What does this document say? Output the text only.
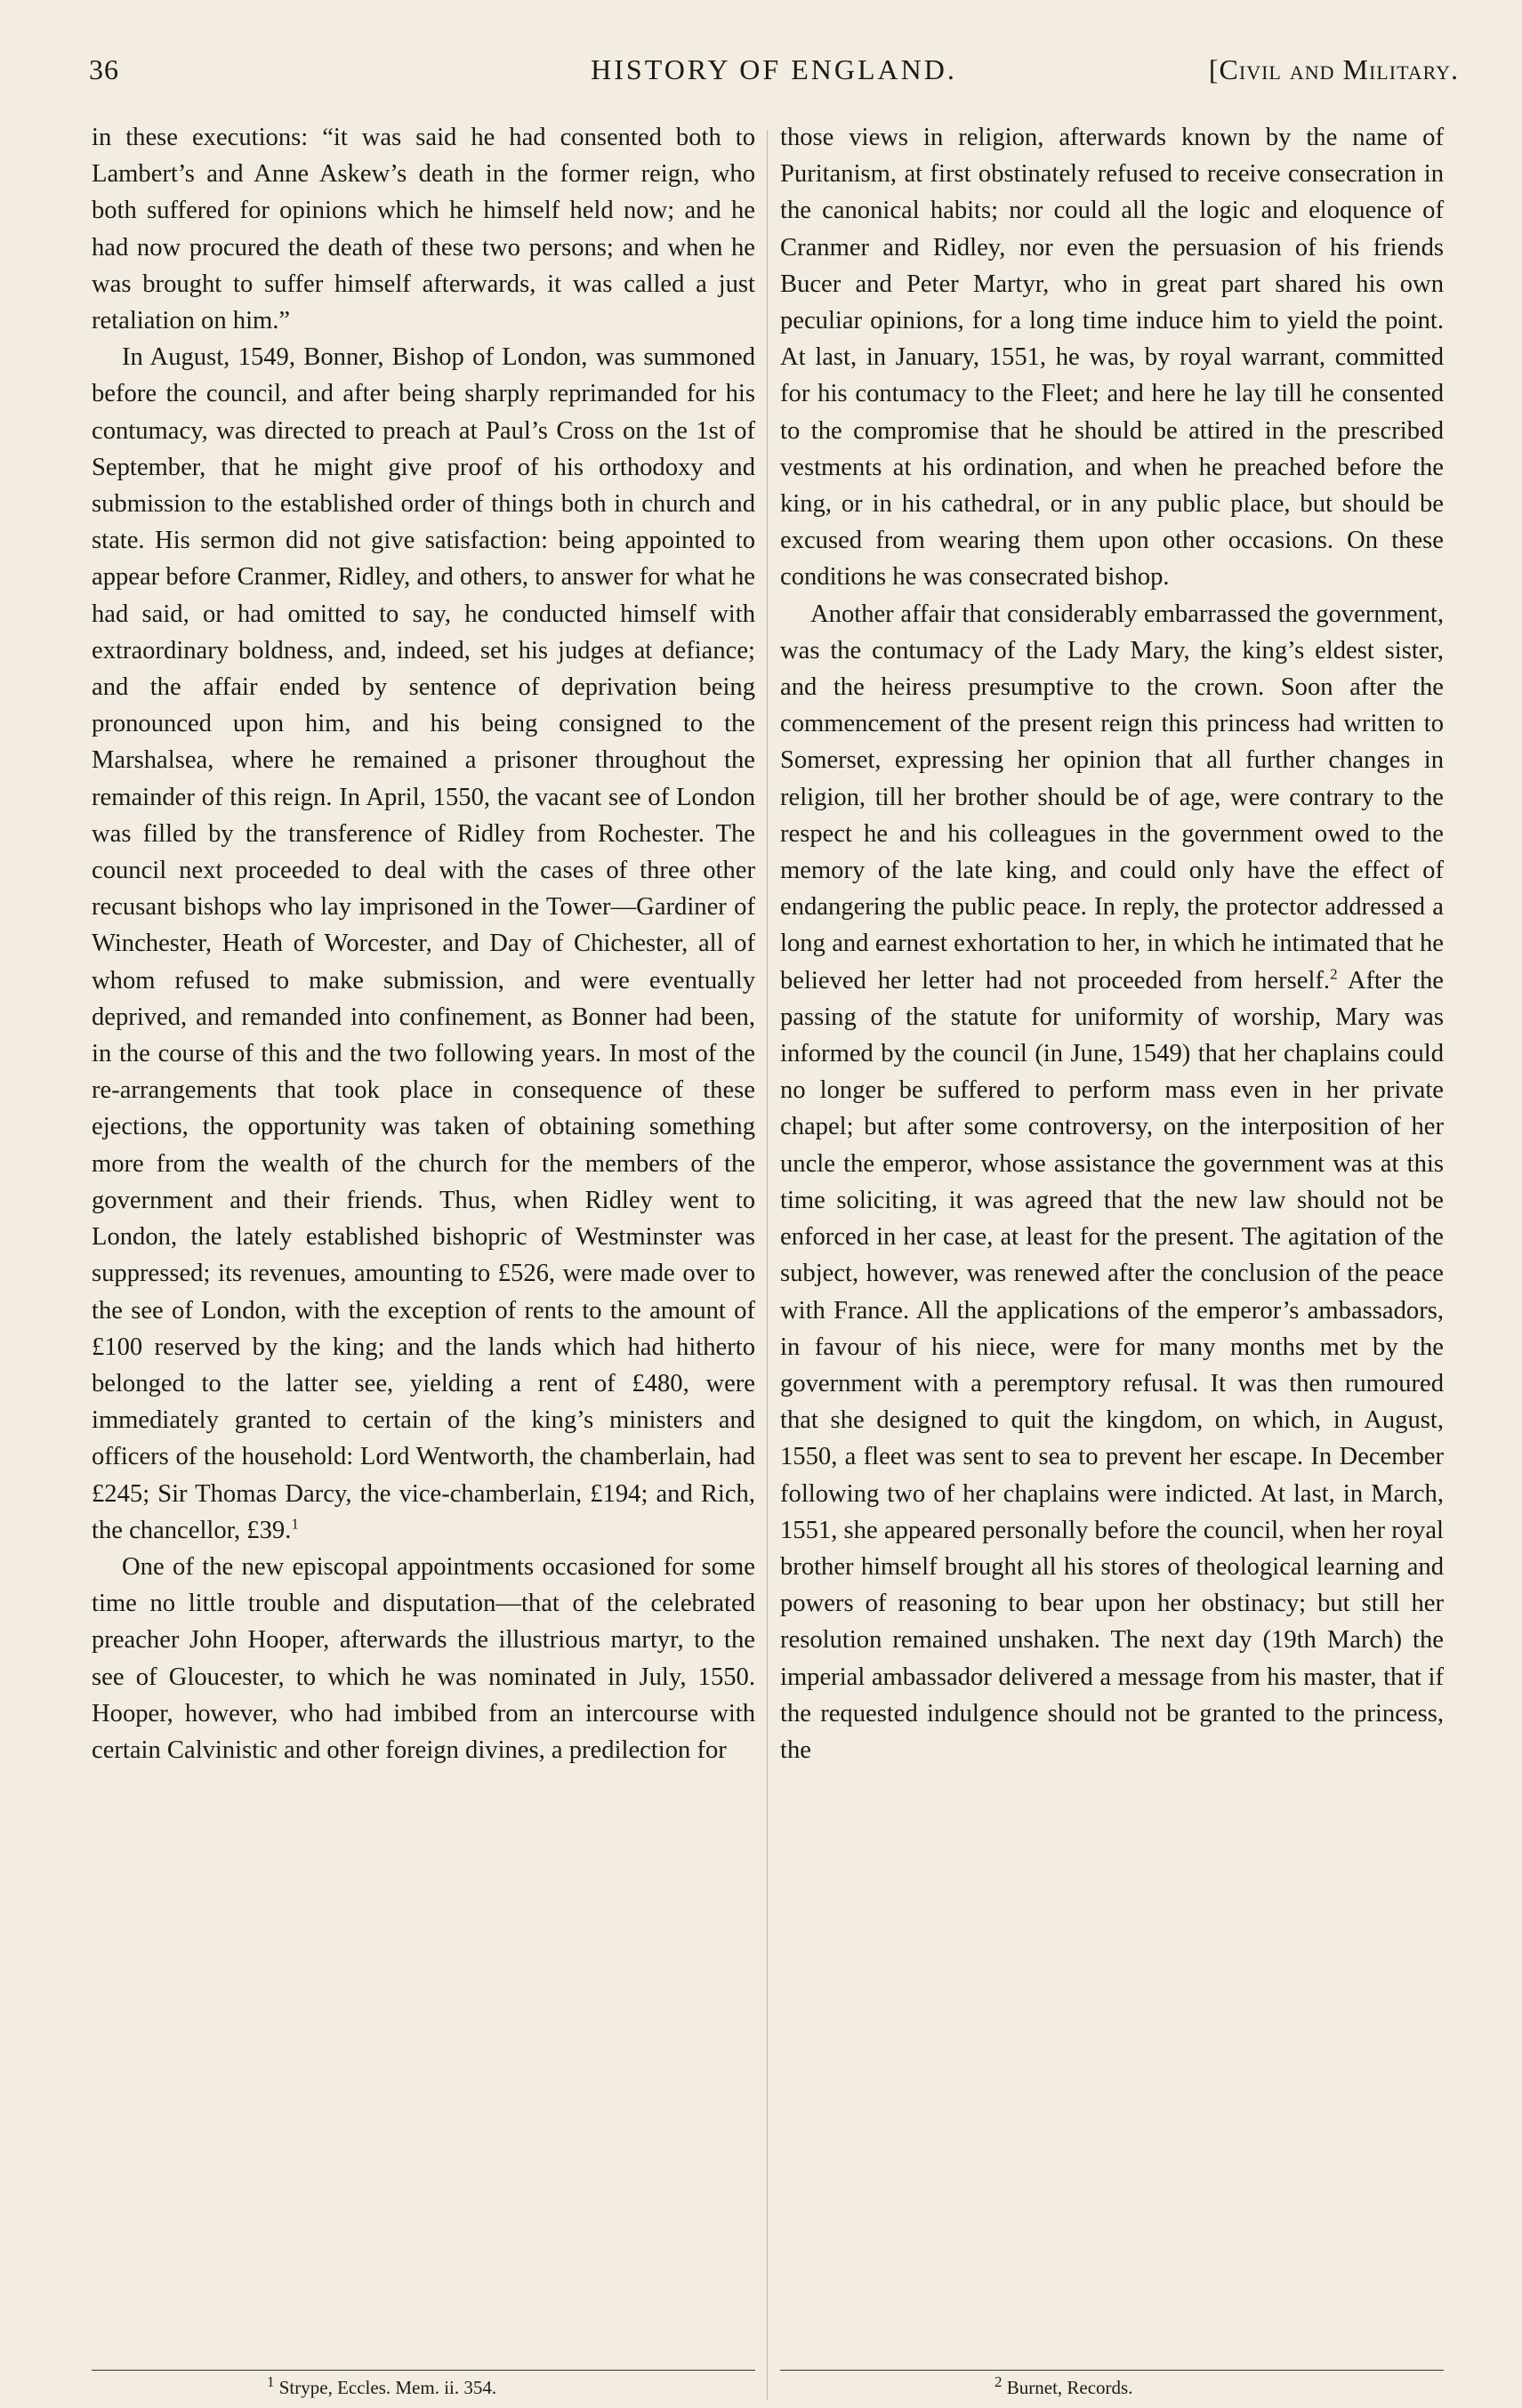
36	HISTORY OF ENGLAND.	[Civil and Military.

in these executions: “it was said he had consented both to Lambert’s and Anne Askew’s death in the former reign, who both suffered for opinions which he himself held now; and he had now procured the death of these two persons; and when he was brought to suffer himself afterwards, it was called a just retaliation on him.”

In August, 1549, Bonner, Bishop of London, was summoned before the council, and after being sharply reprimanded for his contumacy, was directed to preach at Paul’s Cross on the 1st of September, that he might give proof of his orthodoxy and submission to the established order of things both in church and state. His sermon did not give satisfaction: being appointed to appear before Cranmer, Ridley, and others, to answer for what he had said, or had omitted to say, he conducted himself with extraordinary boldness, and, indeed, set his judges at defiance; and the affair ended by sentence of deprivation being pronounced upon him, and his being consigned to the Marshalsea, where he remained a prisoner throughout the remainder of this reign. In April, 1550, the vacant see of London was filled by the transference of Ridley from Rochester. The council next proceeded to deal with the cases of three other recusant bishops who lay imprisoned in the Tower—Gardiner of Winchester, Heath of Worcester, and Day of Chichester, all of whom refused to make submission, and were eventually deprived, and remanded into confinement, as Bonner had been, in the course of this and the two following years. In most of the re-arrangements that took place in consequence of these ejections, the opportunity was taken of obtaining something more from the wealth of the church for the members of the government and their friends. Thus, when Ridley went to London, the lately established bishopric of Westminster was suppressed; its revenues, amounting to £526, were made over to the see of London, with the exception of rents to the amount of £100 reserved by the king; and the lands which had hitherto belonged to the latter see, yielding a rent of £480, were immediately granted to certain of the king’s ministers and officers of the household: Lord Wentworth, the chamberlain, had £245; Sir Thomas Darcy, the vice-chamberlain, £194; and Rich, the chancellor, £39.$^1$

One of the new episcopal appointments occasioned for some time no little trouble and disputation—that of the celebrated preacher John Hooper, afterwards the illustrious martyr, to the see of Gloucester, to which he was nominated in July, 1550. Hooper, however, who had imbibed from an intercourse with certain Calvinistic and other foreign divines, a predilection for

those views in religion, afterwards known by the name of Puritanism, at first obstinately refused to receive consecration in the canonical habits; nor could all the logic and eloquence of Cranmer and Ridley, nor even the persuasion of his friends Bucer and Peter Martyr, who in great part shared his own peculiar opinions, for a long time induce him to yield the point. At last, in January, 1551, he was, by royal warrant, committed for his contumacy to the Fleet; and here he lay till he consented to the compromise that he should be attired in the prescribed vestments at his ordination, and when he preached before the king, or in his cathedral, or in any public place, but should be excused from wearing them upon other occasions. On these conditions he was consecrated bishop.

Another affair that considerably embarrassed the government, was the contumacy of the Lady Mary, the king’s eldest sister, and the heiress presumptive to the crown. Soon after the commencement of the present reign this princess had written to Somerset, expressing her opinion that all further changes in religion, till her brother should be of age, were contrary to the respect he and his colleagues in the government owed to the memory of the late king, and could only have the effect of endangering the public peace. In reply, the protector addressed a long and earnest exhortation to her, in which he intimated that he believed her letter had not proceeded from herself.$^2$ After the passing of the statute for uniformity of worship, Mary was informed by the council (in June, 1549) that her chaplains could no longer be suffered to perform mass even in her private chapel; but after some controversy, on the interposition of her uncle the emperor, whose assistance the government was at this time soliciting, it was agreed that the new law should not be enforced in her case, at least for the present. The agitation of the subject, however, was renewed after the conclusion of the peace with France. All the applications of the emperor’s ambassadors, in favour of his niece, were for many months met by the government with a peremptory refusal. It was then rumoured that she designed to quit the kingdom, on which, in August, 1550, a fleet was sent to sea to prevent her escape. In December following two of her chaplains were indicted. At last, in March, 1551, she appeared personally before the council, when her royal brother himself brought all his stores of theological learning and powers of reasoning to bear upon her obstinacy; but still her resolution remained unshaken. The next day (19th March) the imperial ambassador delivered a message from his master, that if the requested indulgence should not be granted to the princess, the

$^1$ Strype, Eccles. Mem. ii. 354.	$^2$ Burnet, Records.
